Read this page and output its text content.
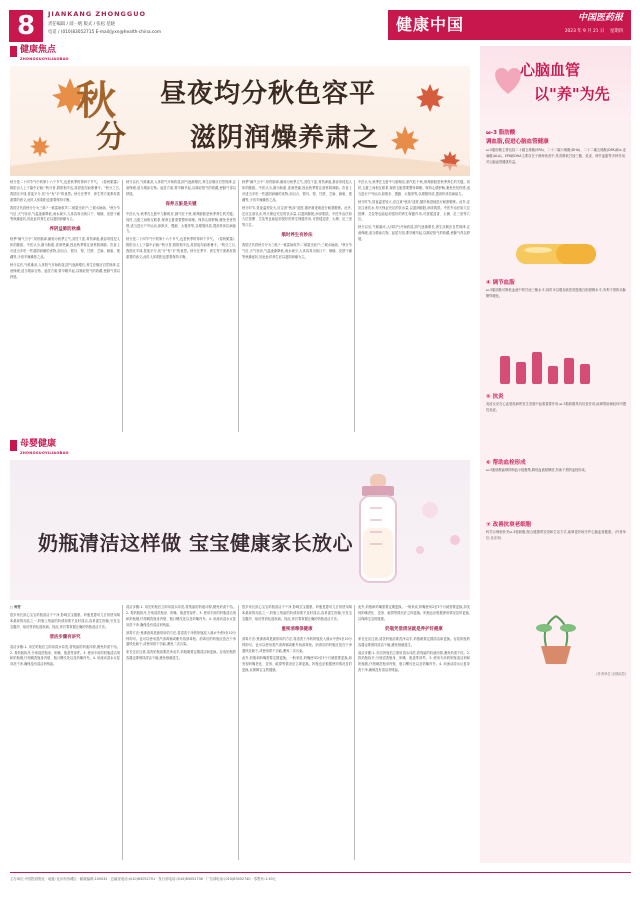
8	JIANKANG ZHONGGUO
责任编辑 / 薛一帆 版式 / 张松 范晓
电话 / (010)83052715 E-mail/jyxn@health-china.com	健康中国	中国医药报
2023 年 9 月 21 日 星期四
健康焦点
ZHONGGUOYILIAOBAO
秋
分
昼夜均分秋色容平
滋阴润燥养肃之

秋分是二十四节气中的第十六个节气,也是秋季的第四个节气。《春秋繁露》阴阳出入上下篇中记载:"秋分者,阴阳相半也,故昼夜均而寒暑平。"秋分之日,我国北半球,昼夜平分,其"分"有"平"的意思。秋分在季节、养生等方面都有着重要的意义,此时人体阴阳也需要保持平衡。

我国古代将秋分分为三候:"一候雷始收声;二候蛰虫坯户;三候水始涸。"秋分节气后,天气转凉,气温逐渐降低,雨水减少,人体容易出现口干、咽燥、皮肤干燥等秋燥症状,因此此时养生应以滋阴润燥为主。

养阴益肺防秋燥

秋季"燥气当令",易伤肺津,燥邪为秋季主气,其性干涩,易伤津液,最容易侵犯人体的肺脏。中医认为,肺为娇脏,喜润恶燥,因此秋季要注意养阴润肺。饮食上可适当多吃一些滋阴润燥的食物,如百合、银耳、梨、甘蔗、芝麻、蜂蜜、莲藕等,少食辛辣燥热之品。

秋分以后,气候渐凉,人体阳气开始收敛,阴气逐渐增长,养生应顺应自然规律,注意保暖,适当增添衣物。起居方面,要早睡早起,以顺应阳气的收藏,使肺气得以舒展。

秋分以后,气候渐凉,人体阳气开始收敛,阴气逐渐增长,养生应顺应自然规律,注意保暖,适当增添衣物。起居方面,要早睡早起,以顺应阳气的收藏,使肺气得以舒展。

保养五脏是关键

中医认为,秋季在五脏中与肺相应,肺气旺于秋,保养肺脏是秋季养生的关键。同时,五脏之间相互联系,保养五脏需要整体调理。保持心情舒畅,避免悲忧伤感,适当进行户外运动,如散步、慢跑、太极拳等,以增强体质,提高机体抗病能力。

秋分是二十四节气中的第十六个节气,也是秋季的第四个节气。《春秋繁露》阴阳出入上下篇中记载:"秋分者,阴阳相半也,故昼夜均而寒暑平。"秋分之日,我国北半球,昼夜平分,其"分"有"平"的意思。秋分在季节、养生等方面都有着重要的意义,此时人体阴阳也需要保持平衡。

秋季"燥气当令",易伤肺津,燥邪为秋季主气,其性干涩,易伤津液,最容易侵犯人体的肺脏。中医认为,肺为娇脏,喜润恶燥,因此秋季要注意养阴润肺。饮食上可适当多吃一些滋阴润燥的食物,如百合、银耳、梨、甘蔗、芝麻、蜂蜜、莲藕等,少食辛辣燥热之品。

秋分时节,昼夜温差较大,应注意"秋冻"适度,循序渐进地进行耐寒锻炼。此外,还应注意饮水,每天保证充足的饮水量,以滋润肺脏,润泽肌肤。中医外治法如穴位按摩、艾灸等也能起到很好的养生保健作用,可按揉迎香、太渊、足三里等穴位。

顺时养生有妙法

我国古代将秋分分为三候:"一候雷始收声;二候蛰虫坯户;三候水始涸。"秋分节气后,天气转凉,气温逐渐降低,雨水减少,人体容易出现口干、咽燥、皮肤干燥等秋燥症状,因此此时养生应以滋阴润燥为主。

中医认为,秋季在五脏中与肺相应,肺气旺于秋,保养肺脏是秋季养生的关键。同时,五脏之间相互联系,保养五脏需要整体调理。保持心情舒畅,避免悲忧伤感,适当进行户外运动,如散步、慢跑、太极拳等,以增强体质,提高机体抗病能力。

秋分时节,昼夜温差较大,应注意"秋冻"适度,循序渐进地进行耐寒锻炼。此外,还应注意饮水,每天保证充足的饮水量,以滋润肺脏,润泽肌肤。中医外治法如穴位按摩、艾灸等也能起到很好的养生保健作用,可按揉迎香、太渊、足三里等穴位。

秋分以后,气候渐凉,人体阳气开始收敛,阴气逐渐增长,养生应顺应自然规律,注意保暖,适当增添衣物。起居方面,要早睡早起,以顺应阳气的收藏,使肺气得以舒展。

母婴健康
ZHONGGUOYILIAOBAO
奶瓶清洁这样做 宝宝健康家长放心
□ 钟芳

很多家长担心宝宝奶瓶清洁不干净,影响宝宝健康。奶瓶是婴幼儿日常使用频率最高的用品之一,奶瓶上残留的奶渍如果不及时清洁,容易滋生细菌,引发宝宝腹泻、呕吐等消化道疾病。因此,家长要掌握正确的奶瓶清洁方法。

清洁步骤有讲究

清洁步骤:1. 用完奶瓶后立即用清水冲洗,将残留的奶液冲掉,避免奶渍干结。2. 将奶瓶拆开,分别清洗瓶身、奶嘴、瓶盖等部件。3. 使用专用的奶瓶清洁剂和奶瓶刷,仔细刷洗瓶身内壁、瓶口螺纹处以及奶嘴内外。4. 用流动清水反复冲洗干净,确保没有清洁剂残留。

清洁步骤:1. 用完奶瓶后立即用清水冲洗,将残留的奶液冲掉,避免奶渍干结。2. 将奶瓶拆开,分别清洗瓶身、奶嘴、瓶盖等部件。3. 使用专用的奶瓶清洁剂和奶瓶刷,仔细刷洗瓶身内壁、瓶口螺纹处以及奶嘴内外。4. 用流动清水反复冲洗干净,确保没有清洁剂残留。

消毒方法:煮沸消毒是最常用的方法,将清洗干净的奶瓶放入沸水中煮5至10分钟即可。也可以使用蒸汽消毒锅或紫外线消毒柜。消毒后的奶瓶应放在干净通风处晾干,或使用烘干功能,避免二次污染。

家长还应注意,清洗奶瓶前要洗净双手,奶瓶刷要定期清洁和更换。存放奶瓶的容器也要保持清洁干燥,避免细菌滋生。

很多家长担心宝宝奶瓶清洁不干净,影响宝宝健康。奶瓶是婴幼儿日常使用频率最高的用品之一,奶瓶上残留的奶渍如果不及时清洁,容易滋生细菌,引发宝宝腹泻、呕吐等消化道疾病。因此,家长要掌握正确的奶瓶清洁方法。

重视消毒保健康

消毒方法:煮沸消毒是最常用的方法,将清洗干净的奶瓶放入沸水中煮5至10分钟即可。也可以使用蒸汽消毒锅或紫外线消毒柜。消毒后的奶瓶应放在干净通风处晾干,或使用烘干功能,避免二次污染。

此外,奶瓶和奶嘴需要定期更换。一般来说,奶嘴使用2至3个月就需要更换,如发现奶嘴老化、变形、破损等情况应立即更换。奶瓶也应根据使用情况及时更换,以保障宝宝的健康。

此外,奶瓶和奶嘴需要定期更换。一般来说,奶嘴使用2至3个月就需要更换,如发现奶嘴老化、变形、破损等情况应立即更换。奶瓶也应根据使用情况及时更换,以保障宝宝的健康。

奶瓶凭借清洁就是养护好健康

家长还应注意,清洗奶瓶前要洗净双手,奶瓶刷要定期清洁和更换。存放奶瓶的容器也要保持清洁干燥,避免细菌滋生。

清洁步骤:1. 用完奶瓶后立即用清水冲洗,将残留的奶液冲掉,避免奶渍干结。2. 将奶瓶拆开,分别清洗瓶身、奶嘴、瓶盖等部件。3. 使用专用的奶瓶清洁剂和奶瓶刷,仔细刷洗瓶身内壁、瓶口螺纹处以及奶嘴内外。4. 用流动清水反复冲洗干净,确保没有清洁剂残留。

心脑血管
以"养"为先
ω-3 脂肪酸
调血脂,促进心脑血管健康
ω-3脂肪酸主要包括二十碳五烯酸(EPA)、二十二碳六烯酸(DHA)、二十二碳五烯酸(DPA)和α-亚麻酸(ALA)。EPA和DHA主要存在于深海鱼类中,具有降低甘油三酯、抗炎、调节血脂等多种作用,对心脑血管健康有益。
④ 调节血脂
ω-3脂肪酸可降低血液中的甘油三酯水平,同时可以增加高密度脂蛋白胆固醇水平,有利于预防动脉粥样硬化。
⑤ 抗炎
炎症反应在心血管疾病的发生发展中起着重要作用,ω-3脂肪酸具有抗炎作用,能够帮助减轻体内慢性炎症。
⑥ 帮助血栓形成
ω-3脂肪酸能够抑制血小板聚集,降低血液黏稠度,有助于预防血栓形成。
⑦ 改善抗衰老细胞
科学合理地补充ω-3脂肪酸,配合健康的饮食和生活方式,能够更好地守护心脑血管健康。(作者单位:北京市)
(作者单位:全国疾控)
主办单位:中国医药报社 · 地址:北京市西城区 · 邮政编码:100032 · 总编室电话:(010)83052701 · 发行部电话:(010)83052736 · 广告部电话:(010)83052740 · 零售价:1.50元
